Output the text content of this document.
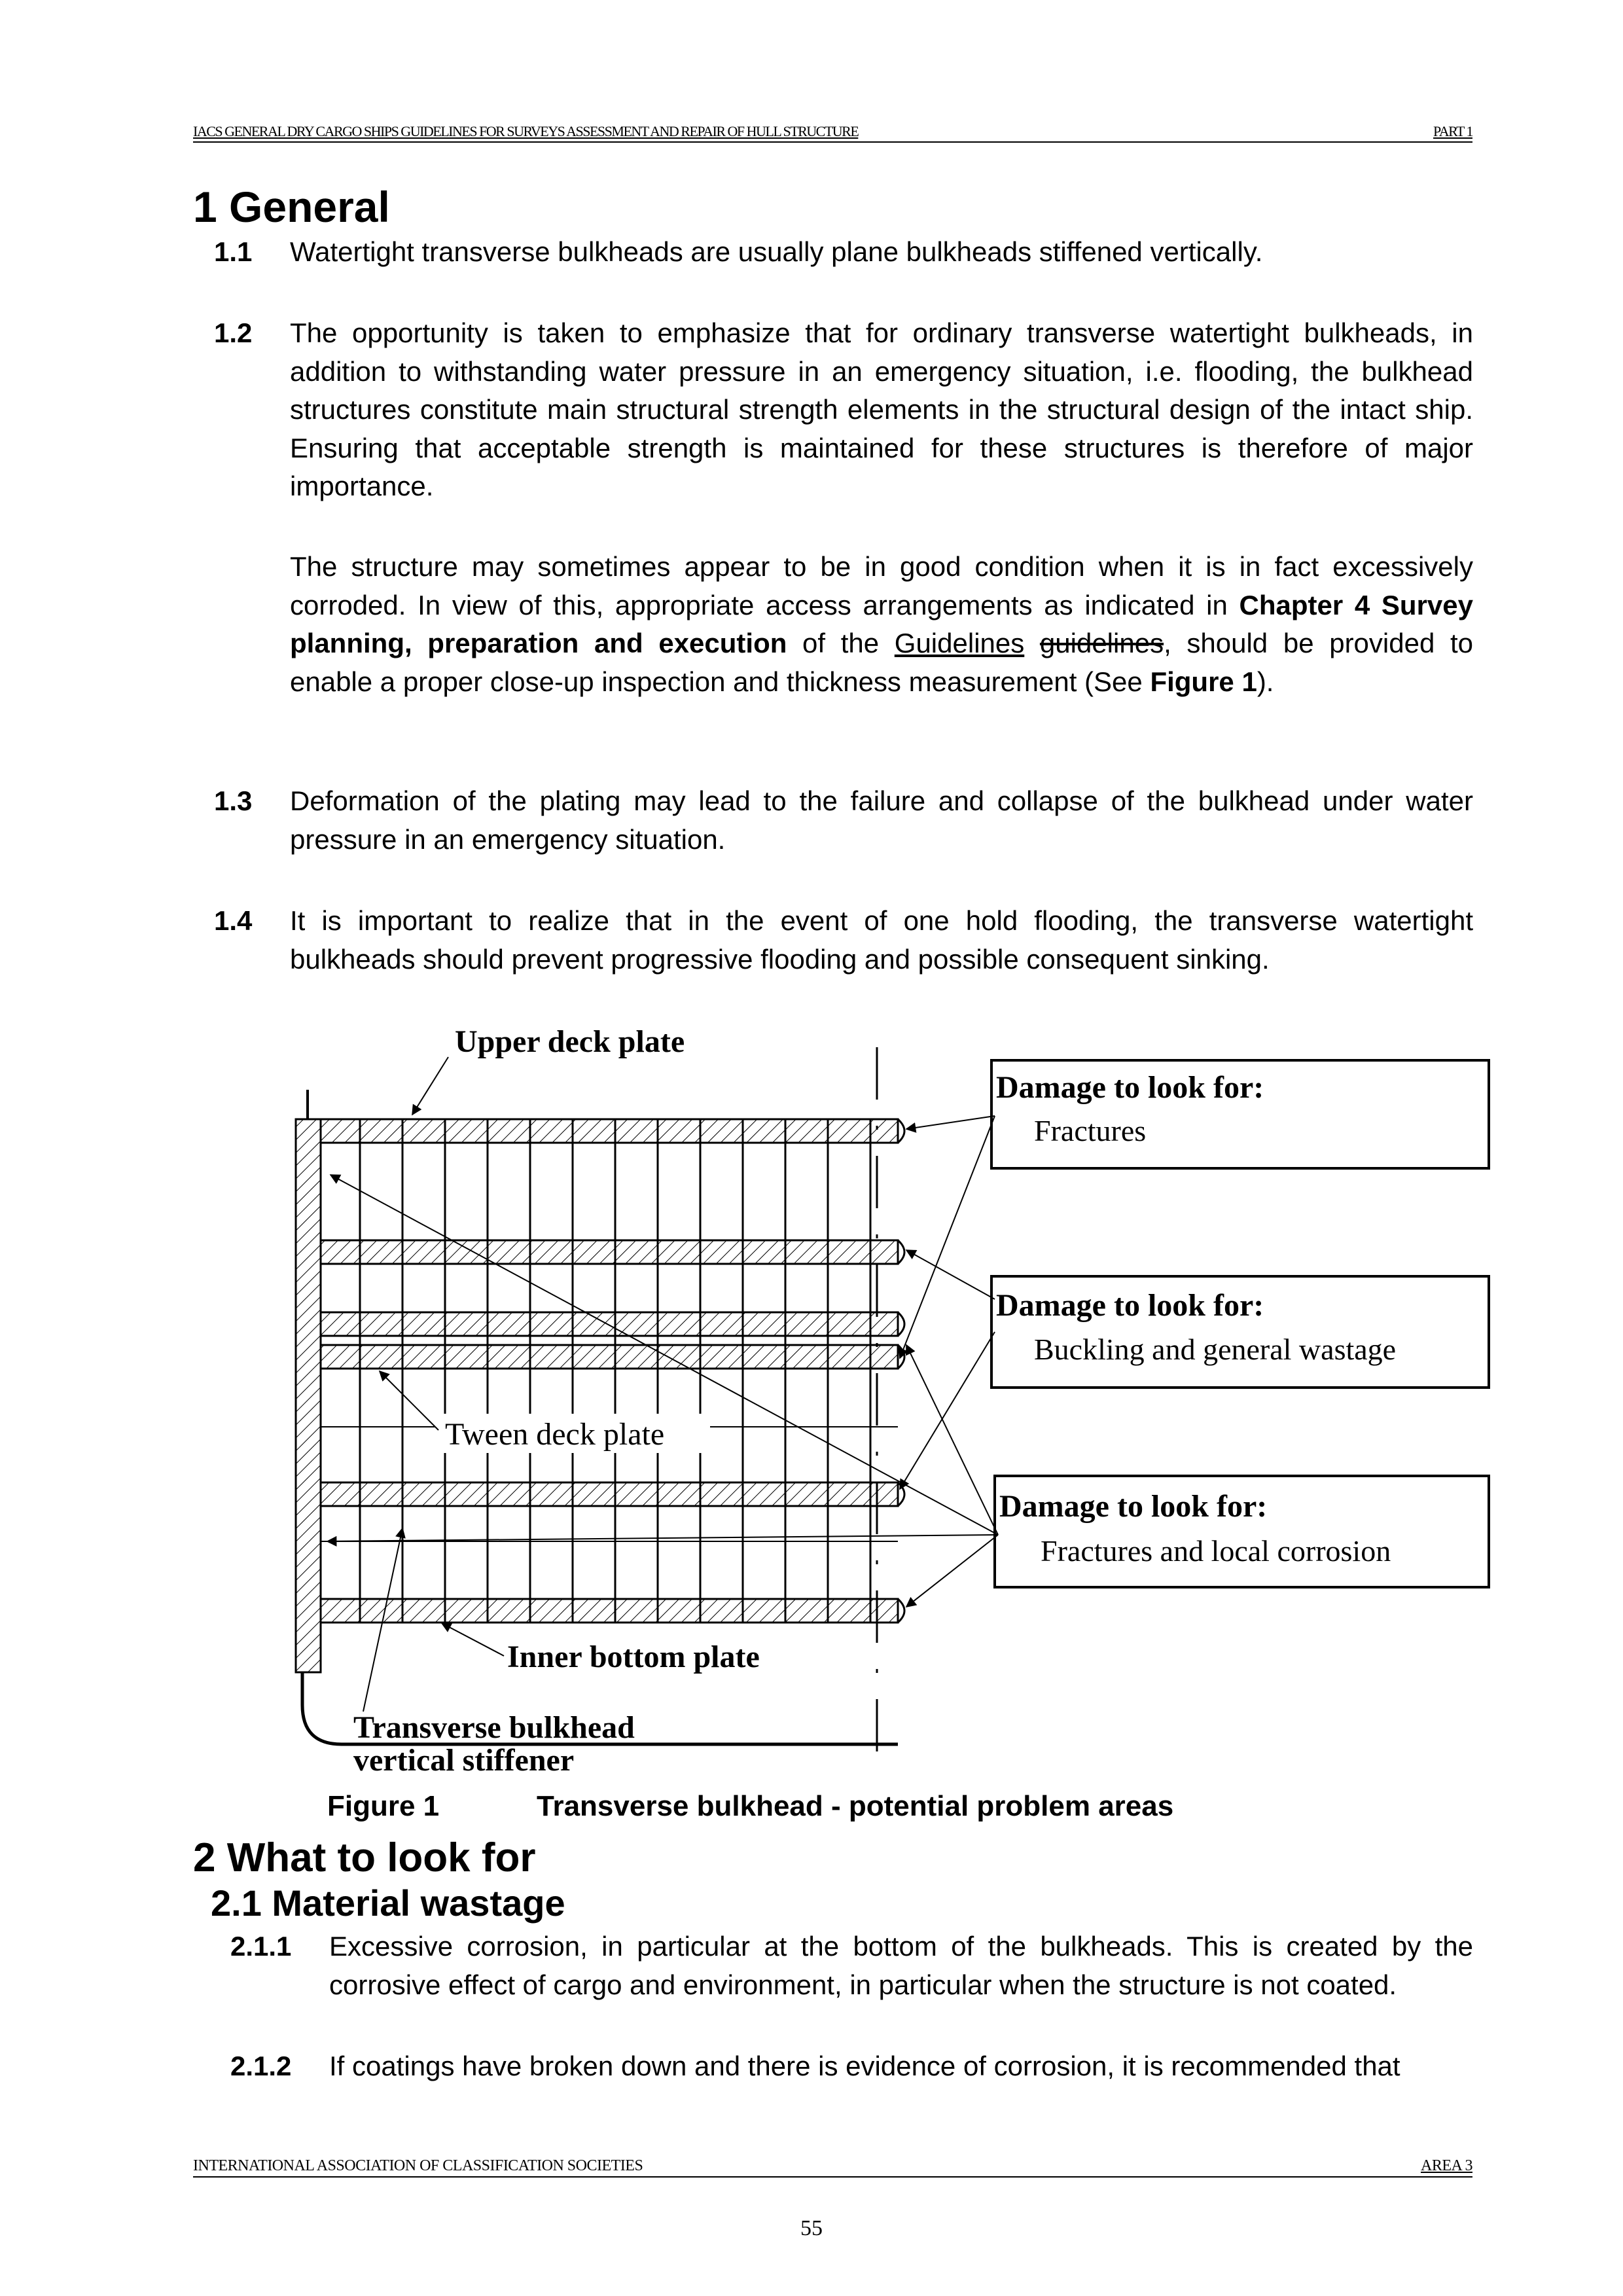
IACS GENERAL DRY CARGO SHIPS GUIDELINES FOR SURVEYS ASSESSMENT AND REPAIR OF HULL STRUCTURE	PART 1
1 General
1.1 Watertight transverse bulkheads are usually plane bulkheads stiffened vertically.

1.2 The opportunity is taken to emphasize that for ordinary transverse watertight bulkheads, in addition to withstanding water pressure in an emergency situation, i.e. flooding, the bulkhead structures constitute main structural strength elements in the structural design of the intact ship. Ensuring that acceptable strength is maintained for these structures is therefore of major importance.

The structure may sometimes appear to be in good condition when it is in fact excessively corroded. In view of this, appropriate access arrangements as indicated in Chapter 4 Survey planning, preparation and execution of the Guidelines guidelines, should be provided to enable a proper close-up inspection and thickness measurement (See Figure 1).

1.3 Deformation of the plating may lead to the failure and collapse of the bulkhead under water pressure in an emergency situation.

1.4 It is important to realize that in the event of one hold flooding, the transverse watertight bulkheads should prevent progressive flooding and possible consequent sinking.

Upper deck plate
Tween deck plate
Inner bottom plate
Transverse bulkhead
vertical stiffener
Damage to look for:
Fractures
Damage to look for:
Buckling and general wastage
Damage to look for:
Fractures and local corrosion
Figure 1	Transverse bulkhead - potential problem areas
2 What to look for
2.1 Material wastage
2.1.1 Excessive corrosion, in particular at the bottom of the bulkheads. This is created by the corrosive effect of cargo and environment, in particular when the structure is not coated.

2.1.2 If coatings have broken down and there is evidence of corrosion, it is recommended that

INTERNATIONAL ASSOCIATION OF CLASSIFICATION SOCIETIES	AREA 3
55
